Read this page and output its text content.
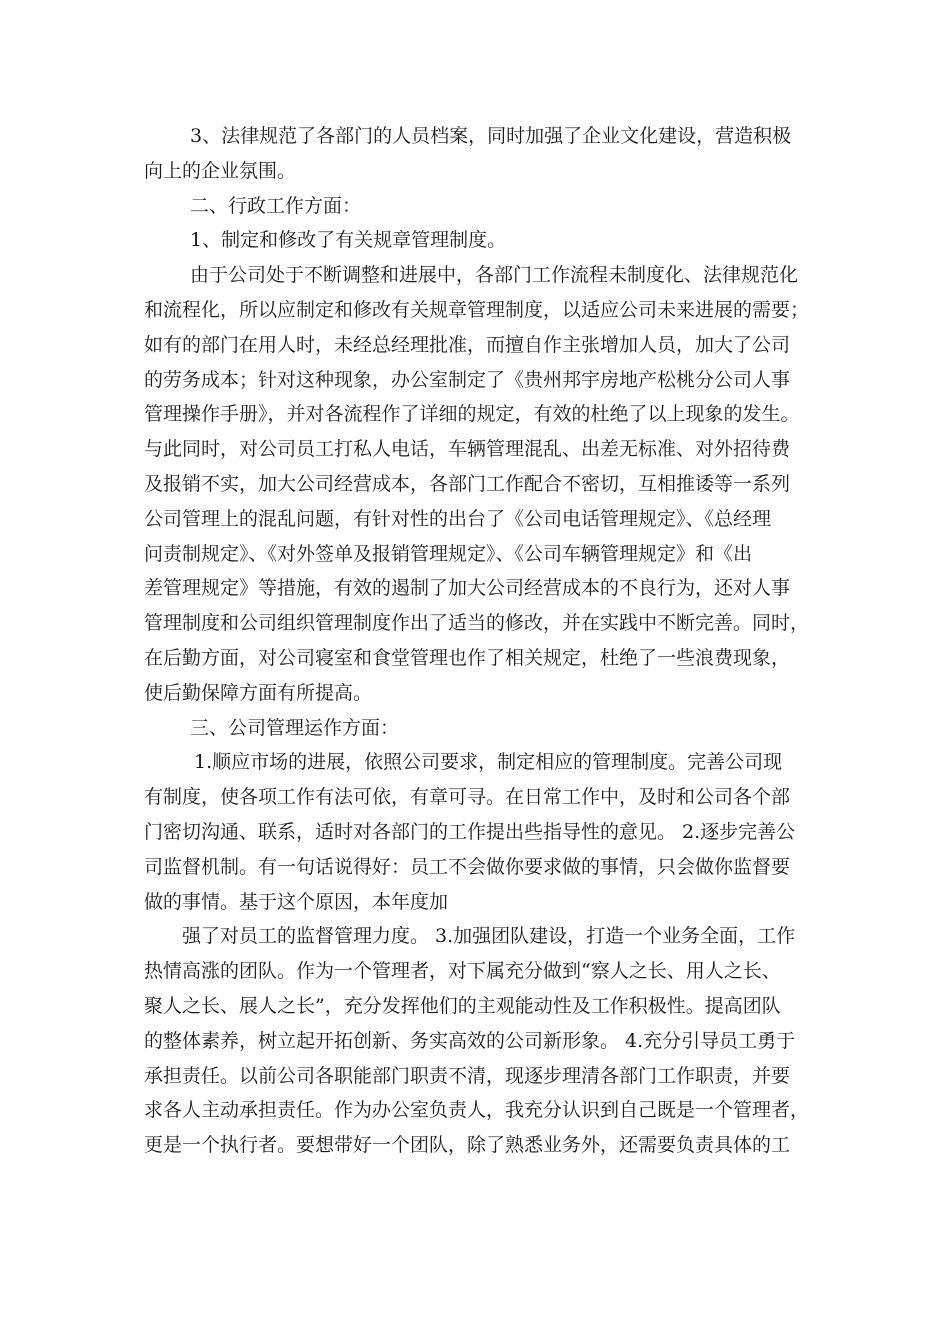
3、法律规范了各部门的人员档案，同时加强了企业文化建设，营造积极
向上的企业氛围。
二、行政工作方面：
1、制定和修改了有关规章管理制度。
由于公司处于不断调整和进展中，各部门工作流程未制度化、法律规范化
和流程化，所以应制定和修改有关规章管理制度，以适应公司未来进展的需要；
如有的部门在用人时，未经总经理批准，而擅自作主张增加人员，加大了公司
的劳务成本；针对这种现象，办公室制定了《贵州邦宇房地产松桃分公司人事
管理操作手册》，并对各流程作了详细的规定，有效的杜绝了以上现象的发生。
与此同时，对公司员工打私人电话，车辆管理混乱、出差无标准、对外招待费
及报销不实，加大公司经营成本，各部门工作配合不密切，互相推诿等一系列
公司管理上的混乱问题，有针对性的出台了《公司电话管理规定》、《总经理
问责制规定》、《对外签单及报销管理规定》、《公司车辆管理规定》和《出
差管理规定》等措施，有效的遏制了加大公司经营成本的不良行为，还对人事
管理制度和公司组织管理制度作出了适当的修改，并在实践中不断完善。同时，
在后勤方面，对公司寝室和食堂管理也作了相关规定，杜绝了一些浪费现象，
使后勤保障方面有所提高。
三、公司管理运作方面：
1.顺应市场的进展，依照公司要求，制定相应的管理制度。完善公司现
有制度，使各项工作有法可依，有章可寻。在日常工作中，及时和公司各个部
门密切沟通、联系，适时对各部门的工作提出些指导性的意见。 2.逐步完善公
司监督机制。有一句话说得好：员工不会做你要求做的事情，只会做你监督要
做的事情。基于这个原因，本年度加
强了对员工的监督管理力度。 3.加强团队建设，打造一个业务全面，工作
热情高涨的团队。作为一个管理者，对下属充分做到“察人之长、用人之长、
聚人之长、展人之长”，充分发挥他们的主观能动性及工作积极性。提高团队
的整体素养，树立起开拓创新、务实高效的公司新形象。 4.充分引导员工勇于
承担责任。以前公司各职能部门职责不清，现逐步理清各部门工作职责，并要
求各人主动承担责任。作为办公室负责人，我充分认识到自己既是一个管理者，
更是一个执行者。要想带好一个团队，除了熟悉业务外，还需要负责具体的工
